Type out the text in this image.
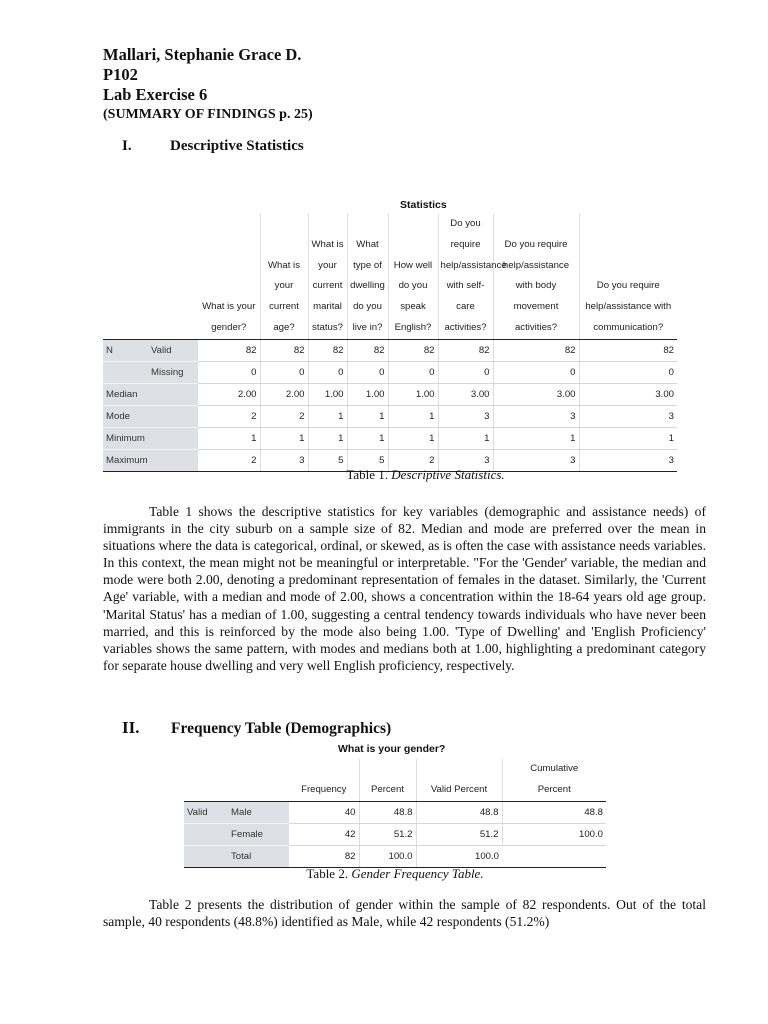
Mallari, Stephanie Grace D.
P102
Lab Exercise 6
(SUMMARY OF FINDINGS p. 25)
I.	Descriptive Statistics
Statistics
		What is your gender?	What is your current age?	What is your current marital status?	What type of dwelling do you live in?	How well do you speak English?	Do you require help/assistance with self-care activities?	Do you require help/assistance with body movement activities?	Do you require help/assistance with communication?
N	Valid	82	82	82	82	82	82	82	82
	Missing	0	0	0	0	0	0	0	0
Median		2.00	2.00	1.00	1.00	1.00	3.00	3.00	3.00
Mode		2	2	1	1	1	3	3	3
Minimum		1	1	1	1	1	1	1	1
Maximum		2	3	5	5	2	3	3	3
Table 1. Descriptive Statistics.
Table 1 shows the descriptive statistics for key variables (demographic and assistance needs) of immigrants in the city suburb on a sample size of 82. Median and mode are preferred over the mean in situations where the data is categorical, ordinal, or skewed, as is often the case with assistance needs variables. In this context, the mean might not be meaningful or interpretable. "For the 'Gender' variable, the median and mode were both 2.00, denoting a predominant representation of females in the dataset. Similarly, the 'Current Age' variable, with a median and mode of 2.00, shows a concentration within the 18-64 years old age group. 'Marital Status' has a median of 1.00, suggesting a central tendency towards individuals who have never been married, and this is reinforced by the mode also being 1.00. 'Type of Dwelling' and 'English Proficiency' variables shows the same pattern, with modes and medians both at 1.00, highlighting a predominant category for separate house dwelling and very well English proficiency, respectively.
II. Frequency Table (Demographics)
What is your gender?
		Frequency	Percent	Valid Percent	Cumulative Percent
Valid	Male	40	48.8	48.8	48.8
	Female	42	51.2	51.2	100.0
	Total	82	100.0	100.0	
Table 2. Gender Frequency Table.
Table 2 presents the distribution of gender within the sample of 82 respondents. Out of the total sample, 40 respondents (48.8%) identified as Male, while 42 respondents (51.2%)
